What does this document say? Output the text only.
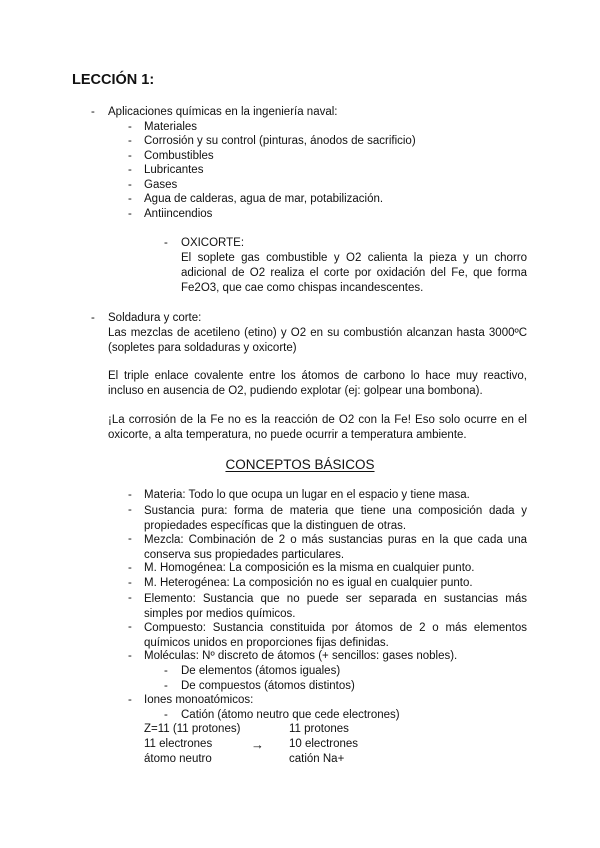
LECCIÓN 1:
- Aplicaciones químicas en la ingeniería naval:
- Materiales
- Corrosión y su control (pinturas, ánodos de sacrificio)
- Combustibles
- Lubricantes
- Gases
- Agua de calderas, agua de mar, potabilización.
- Antiincendios
- OXICORTE:
El soplete gas combustible y O2 calienta la pieza y un chorro adicional de O2 realiza el corte por oxidación del Fe, que forma Fe2O3, que cae como chispas incandescentes.
- Soldadura y corte:
Las mezclas de acetileno (etino) y O2 en su combustión alcanzan hasta 3000ºC (sopletes para soldaduras y oxicorte)
El triple enlace covalente entre los átomos de carbono lo hace muy reactivo, incluso en ausencia de O2, pudiendo explotar (ej: golpear una bombona).
¡La corrosión de la Fe no es la reacción de O2 con la Fe! Eso solo ocurre en el oxicorte, a alta temperatura, no puede ocurrir a temperatura ambiente.
CONCEPTOS BÁSICOS
- Materia: Todo lo que ocupa un lugar en el espacio y tiene masa.
- Sustancia pura: forma de materia que tiene una composición dada y propiedades específicas que la distinguen de otras.
- Mezcla: Combinación de 2 o más sustancias puras en la que cada una conserva sus propiedades particulares.
- M. Homogénea: La composición es la misma en cualquier punto.
- M. Heterogénea: La composición no es igual en cualquier punto.
- Elemento: Sustancia que no puede ser separada en sustancias más simples por medios químicos.
- Compuesto: Sustancia constituida por átomos de 2 o más elementos químicos unidos en proporciones fijas definidas.
- Moléculas: Nº discreto de átomos (+ sencillos: gases nobles).
- De elementos (átomos iguales)
- De compuestos (átomos distintos)
- Iones monoatómicos:
- Catión (átomo neutro que cede electrones)
Z=11 (11 protones)	11 protones
11 electrones	→ 10 electrones
átomo neutro	catión Na+
